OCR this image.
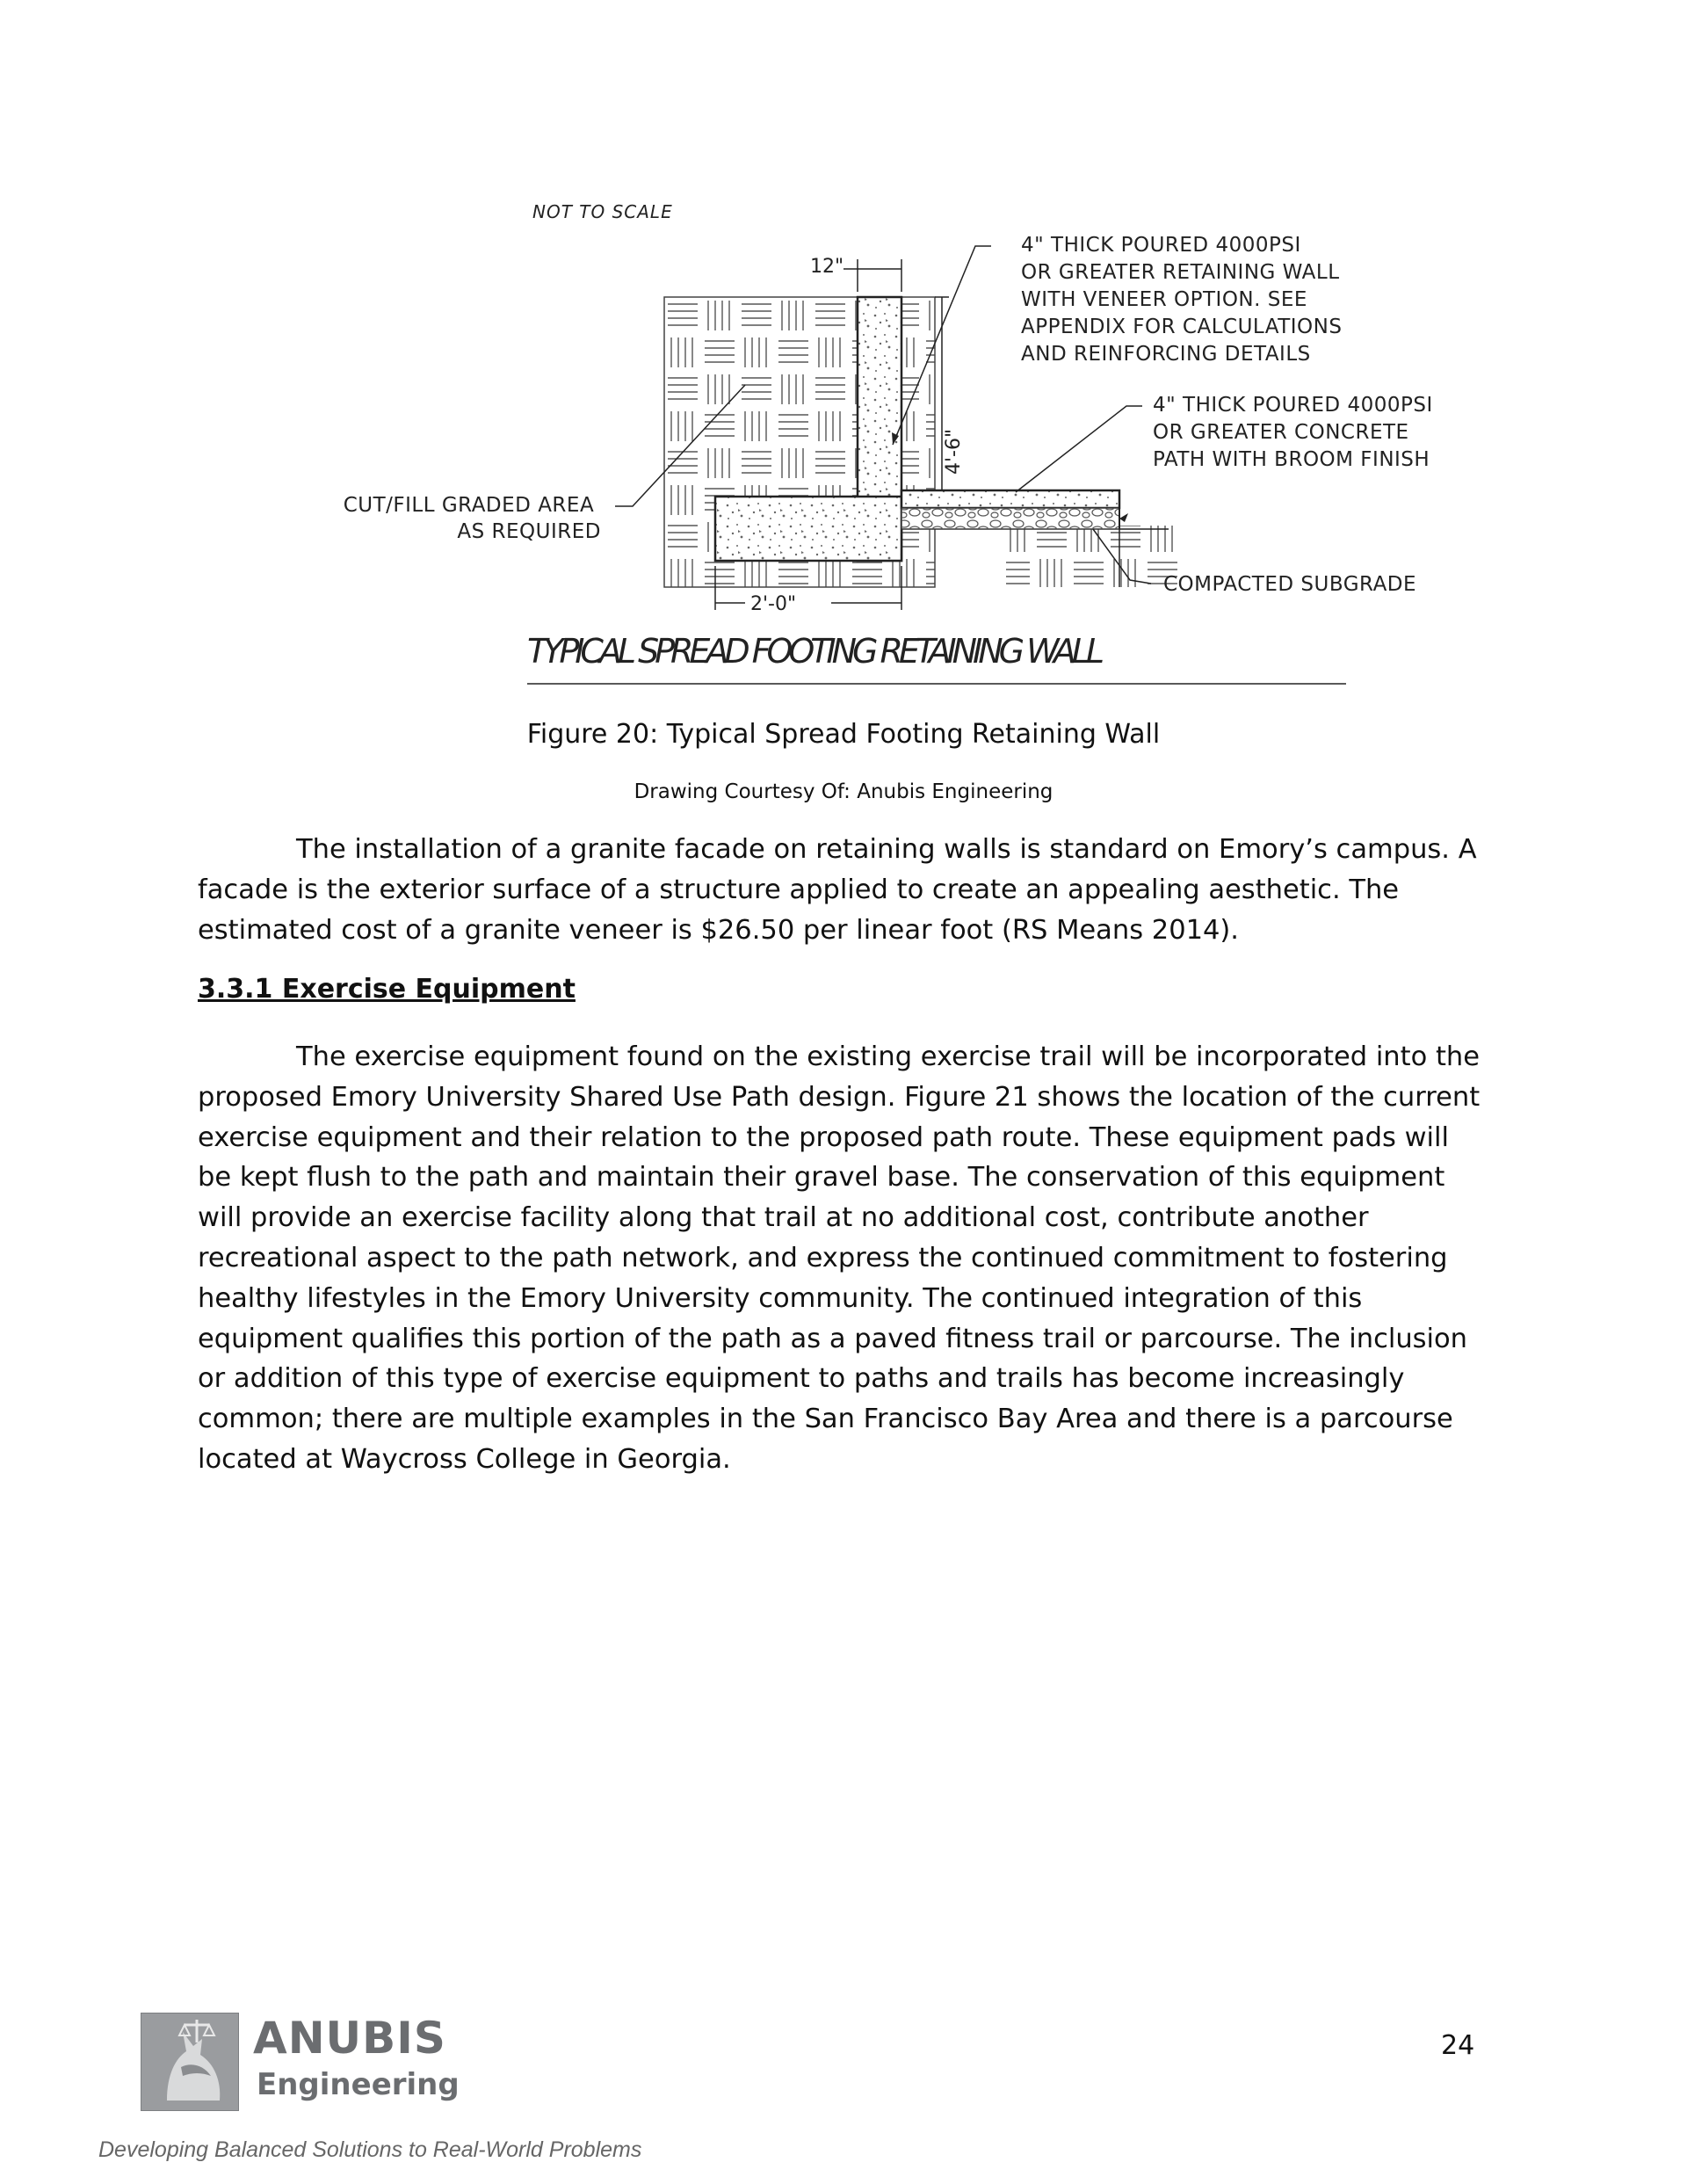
NOT TO SCALE
12"
4'-6"
2'-0"
4" THICK POURED 4000PSI OR GREATER RETAINING WALL WITH VENEER OPTION. SEE APPENDIX FOR CALCULATIONS AND REINFORCING DETAILS
4" THICK POURED 4000PSI OR GREATER CONCRETE PATH WITH BROOM FINISH
CUT/FILL GRADED AREA AS REQUIRED
COMPACTED SUBGRADE
TYPICAL SPREAD FOOTING RETAINING WALL
Figure 20: Typical Spread Footing Retaining Wall
Drawing Courtesy Of: Anubis Engineering

The installation of a granite facade on retaining walls is standard on Emory’s campus. A facade is the exterior surface of a structure applied to create an appealing aesthetic. The estimated cost of a granite veneer is $26.50 per linear foot (RS Means 2014).

3.3.1 Exercise Equipment

The exercise equipment found on the existing exercise trail will be incorporated into the proposed Emory University Shared Use Path design. Figure 21 shows the location of the current exercise equipment and their relation to the proposed path route. These equipment pads will be kept flush to the path and maintain their gravel base. The conservation of this equipment will provide an exercise facility along that trail at no additional cost, contribute another recreational aspect to the path network, and express the continued commitment to fostering healthy lifestyles in the Emory University community. The continued integration of this equipment qualifies this portion of the path as a paved fitness trail or parcourse. The inclusion or addition of this type of exercise equipment to paths and trails has become increasingly common; there are multiple examples in the San Francisco Bay Area and there is a parcourse located at Waycross College in Georgia.

24
ANUBIS
Engineering
Developing Balanced Solutions to Real-World Problems
